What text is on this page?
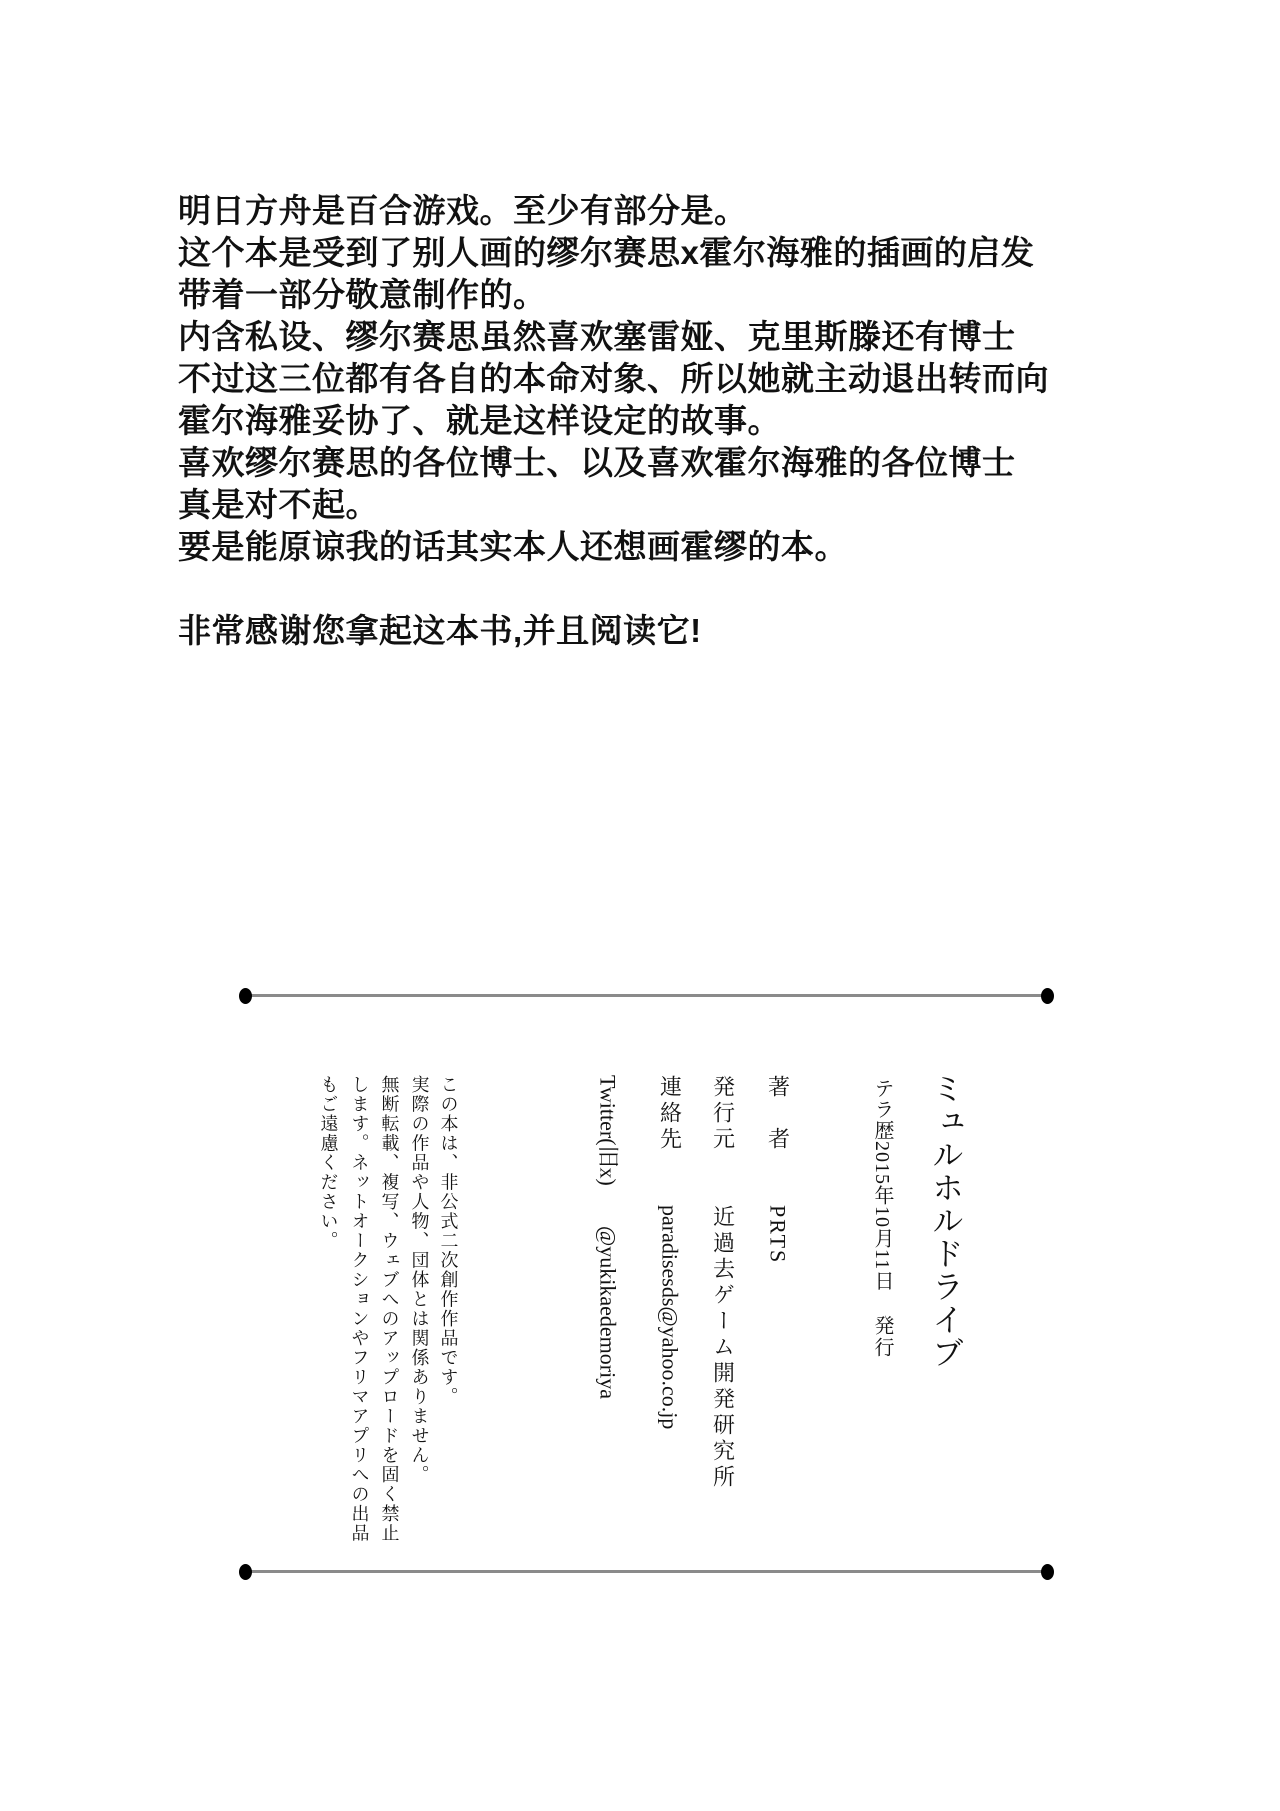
明日方舟是百合游戏。至少有部分是。
这个本是受到了别人画的缪尔赛思x霍尔海雅的插画的启发
带着一部分敬意制作的。
内含私设、缪尔赛思虽然喜欢塞雷娅、克里斯滕还有博士
不过这三位都有各自的本命对象、所以她就主动退出转而向
霍尔海雅妥协了、就是这样设定的故事。
喜欢缪尔赛思的各位博士、以及喜欢霍尔海雅的各位博士
真是对不起。
要是能原谅我的话其实本人还想画霍缪的本。
非常感谢您拿起这本书,并且阅读它!
ミュルホルドライブ
テラ歴2015年10月11日発行
著　者PRTS
発行元近過去ゲーム開発研究所
連絡先paradisesds@yahoo.co.jp
Twitter(旧x)@yukikaedemoriya
この本は、非公式二次創作作品です。
実際の作品や人物、団体とは関係ありません。
無断転載、複写、ウェブへのアップロードを固く禁止
します。ネットオークションやフリマアプリへの出品
もご遠慮ください。
